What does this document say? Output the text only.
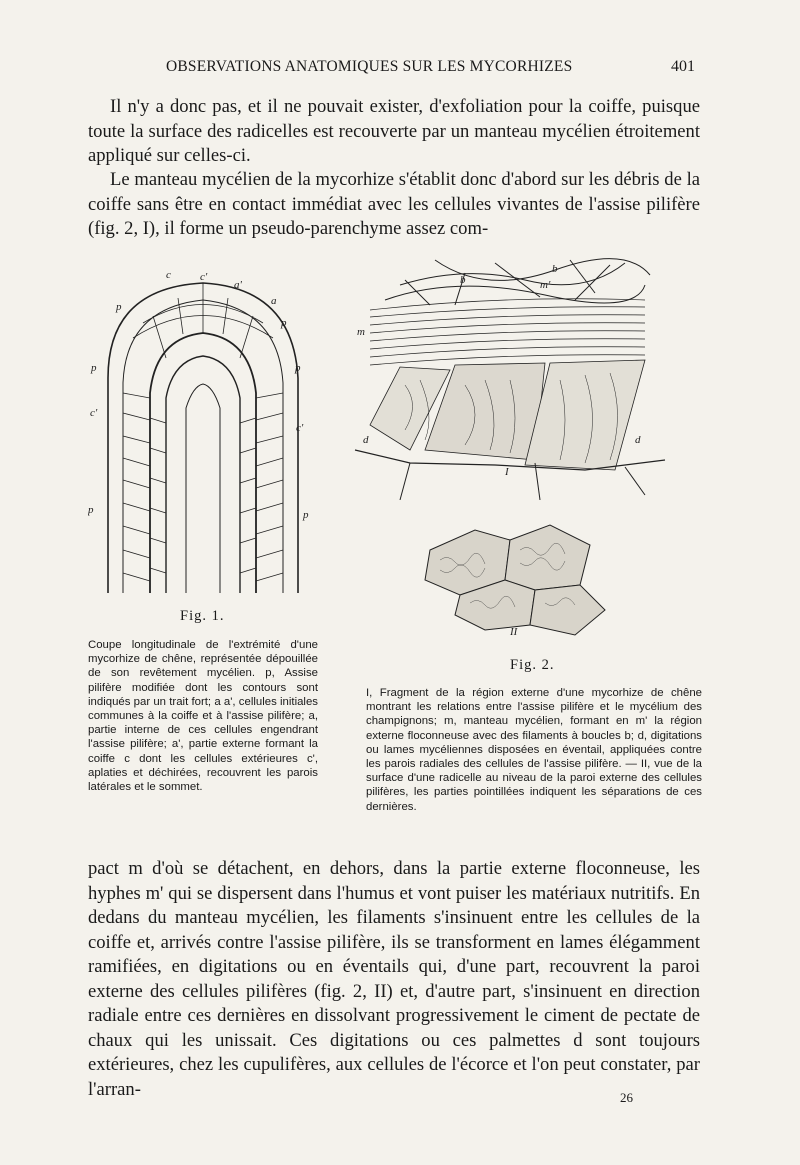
OBSERVATIONS ANATOMIQUES SUR LES MYCORHIZES	401

Il n'y a donc pas, et il ne pouvait exister, d'exfoliation pour la coiffe, puisque toute la surface des radicelles est recouverte par un manteau mycélien étroitement appliqué sur celles-ci.

Le manteau mycélien de la mycorhize s'établit donc d'abord sur les débris de la coiffe sans être en contact immédiat avec les cellules vivantes de l'assise pilifère (fig. 2, I), il forme un pseudo-parenchyme assez com-

c	c'
a'
a
p
p
p	p
c'
c'
p	p
Fig. 1.

Coupe longitudinale de l'extrémité d'une mycorhize de chêne, représentée dépouillée de son revêtement mycélien. p, Assise pilifère modifiée dont les contours sont indiqués par un trait fort; a a', cellules initiales communes à la coiffe et à l'assise pilifère; a, partie interne de ces cellules engendrant l'assise pilifère; a', partie externe formant la coiffe c dont les cellules extérieures c', aplaties et déchirées, recouvrent les parois latérales et le sommet.

b
b
m'
m
d	d
I
II
Fig. 2.

I, Fragment de la région externe d'une mycorhize de chêne montrant les relations entre l'assise pilifère et le mycélium des champignons; m, manteau mycélien, formant en m' la région externe floconneuse avec des filaments à boucles b; d, digitations ou lames mycéliennes disposées en éventail, appliquées contre les parois radiales des cellules de l'assise pilifère. — II, vue de la surface d'une radicelle au niveau de la paroi externe des cellules pilifères, les parties pointillées indiquent les séparations de ces dernières.

pact m d'où se détachent, en dehors, dans la partie externe floconneuse, les hyphes m' qui se dispersent dans l'humus et vont puiser les matériaux nutritifs. En dedans du manteau mycélien, les filaments s'insinuent entre les cellules de la coiffe et, arrivés contre l'assise pilifère, ils se transforment en lames élégamment ramifiées, en digitations ou en éventails qui, d'une part, recouvrent la paroi externe des cellules pilifères (fig. 2, II) et, d'autre part, s'insinuent en direction radiale entre ces dernières en dissolvant progressivement le ciment de pectate de chaux qui les unissait. Ces digitations ou ces palmettes d sont toujours extérieures, chez les cupulifères, aux cellules de l'écorce et l'on peut constater, par l'arran-	26
